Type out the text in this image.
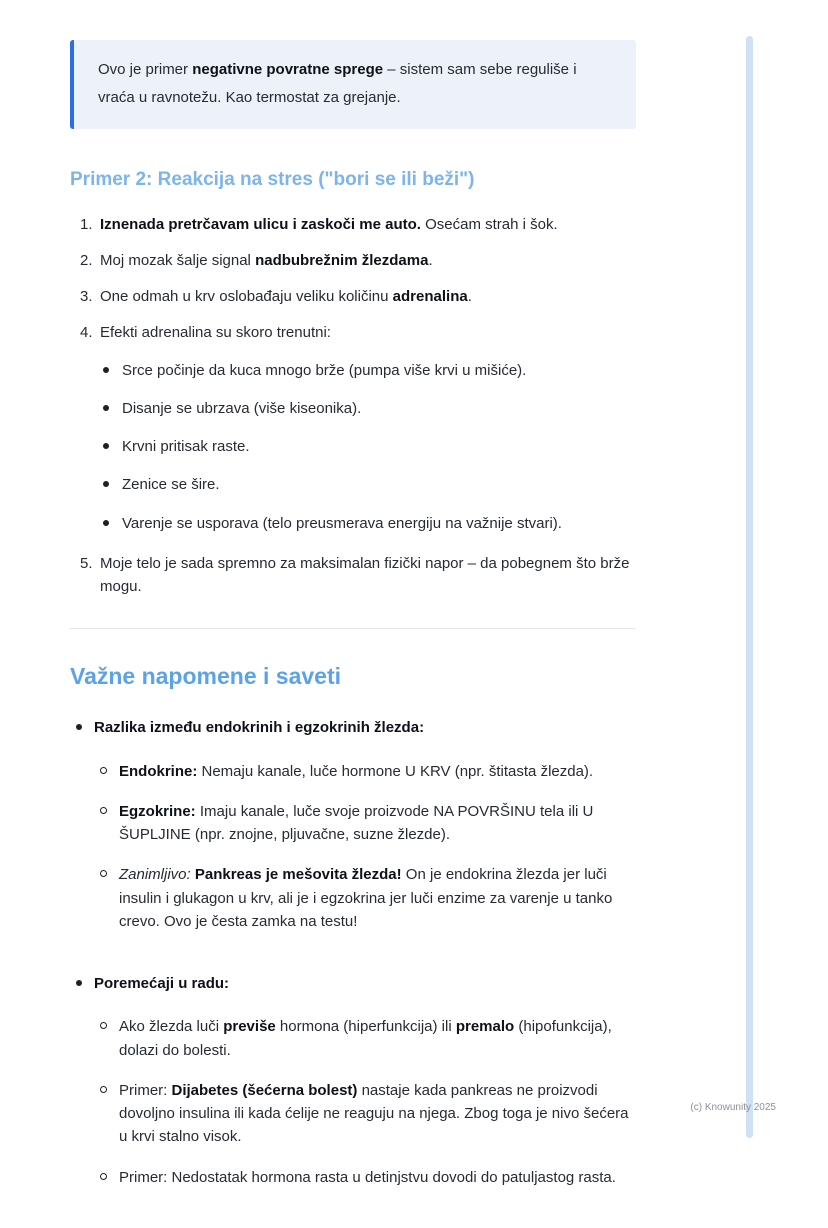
Ovo je primer negativne povratne sprege – sistem sam sebe reguliše i vraća u ravnotežu. Kao termostat za grejanje.

Primer 2: Reakcija na stres ("bori se ili beži")
1. Iznenada pretrčavam ulicu i zaskoči me auto. Osećam strah i šok.
2. Moj mozak šalje signal nadbubrežnim žlezdama.
3. One odmah u krv oslobađaju veliku količinu adrenalina.
4. Efekti adrenalina su skoro trenutni:
Srce počinje da kuca mnogo brže (pumpa više krvi u mišiće).
Disanje se ubrzava (više kiseonika).
Krvni pritisak raste.
Zenice se šire.
Varenje se usporava (telo preusmerava energiju na važnije stvari).
5. Moje telo je sada spremno za maksimalan fizički napor – da pobegnem što brže mogu.
Važne napomene i saveti
Razlika između endokrinih i egzokrinih žlezda:
Endokrine: Nemaju kanale, luče hormone U KRV (npr. štitasta žlezda).
Egzokrine: Imaju kanale, luče svoje proizvode NA POVRŠINU tela ili U ŠUPLJINE (npr. znojne, pljuvačne, suzne žlezde).
Zanimljivo: Pankreas je mešovita žlezda! On je endokrina žlezda jer luči insulin i glukagon u krv, ali je i egzokrina jer luči enzime za varenje u tanko crevo. Ovo je česta zamka na testu!
Poremećaji u radu:
Ako žlezda luči previše hormona (hiperfunkcija) ili premalo (hipofunkcija), dolazi do bolesti.
Primer: Dijabetes (šećerna bolest) nastaje kada pankreas ne proizvodi dovoljno insulina ili kada ćelije ne reaguju na njega. Zbog toga je nivo šećera u krvi stalno visok.
Primer: Nedostatak hormona rasta u detinjstvu dovodi do patuljastog rasta.
(c) Knowunity 2025
